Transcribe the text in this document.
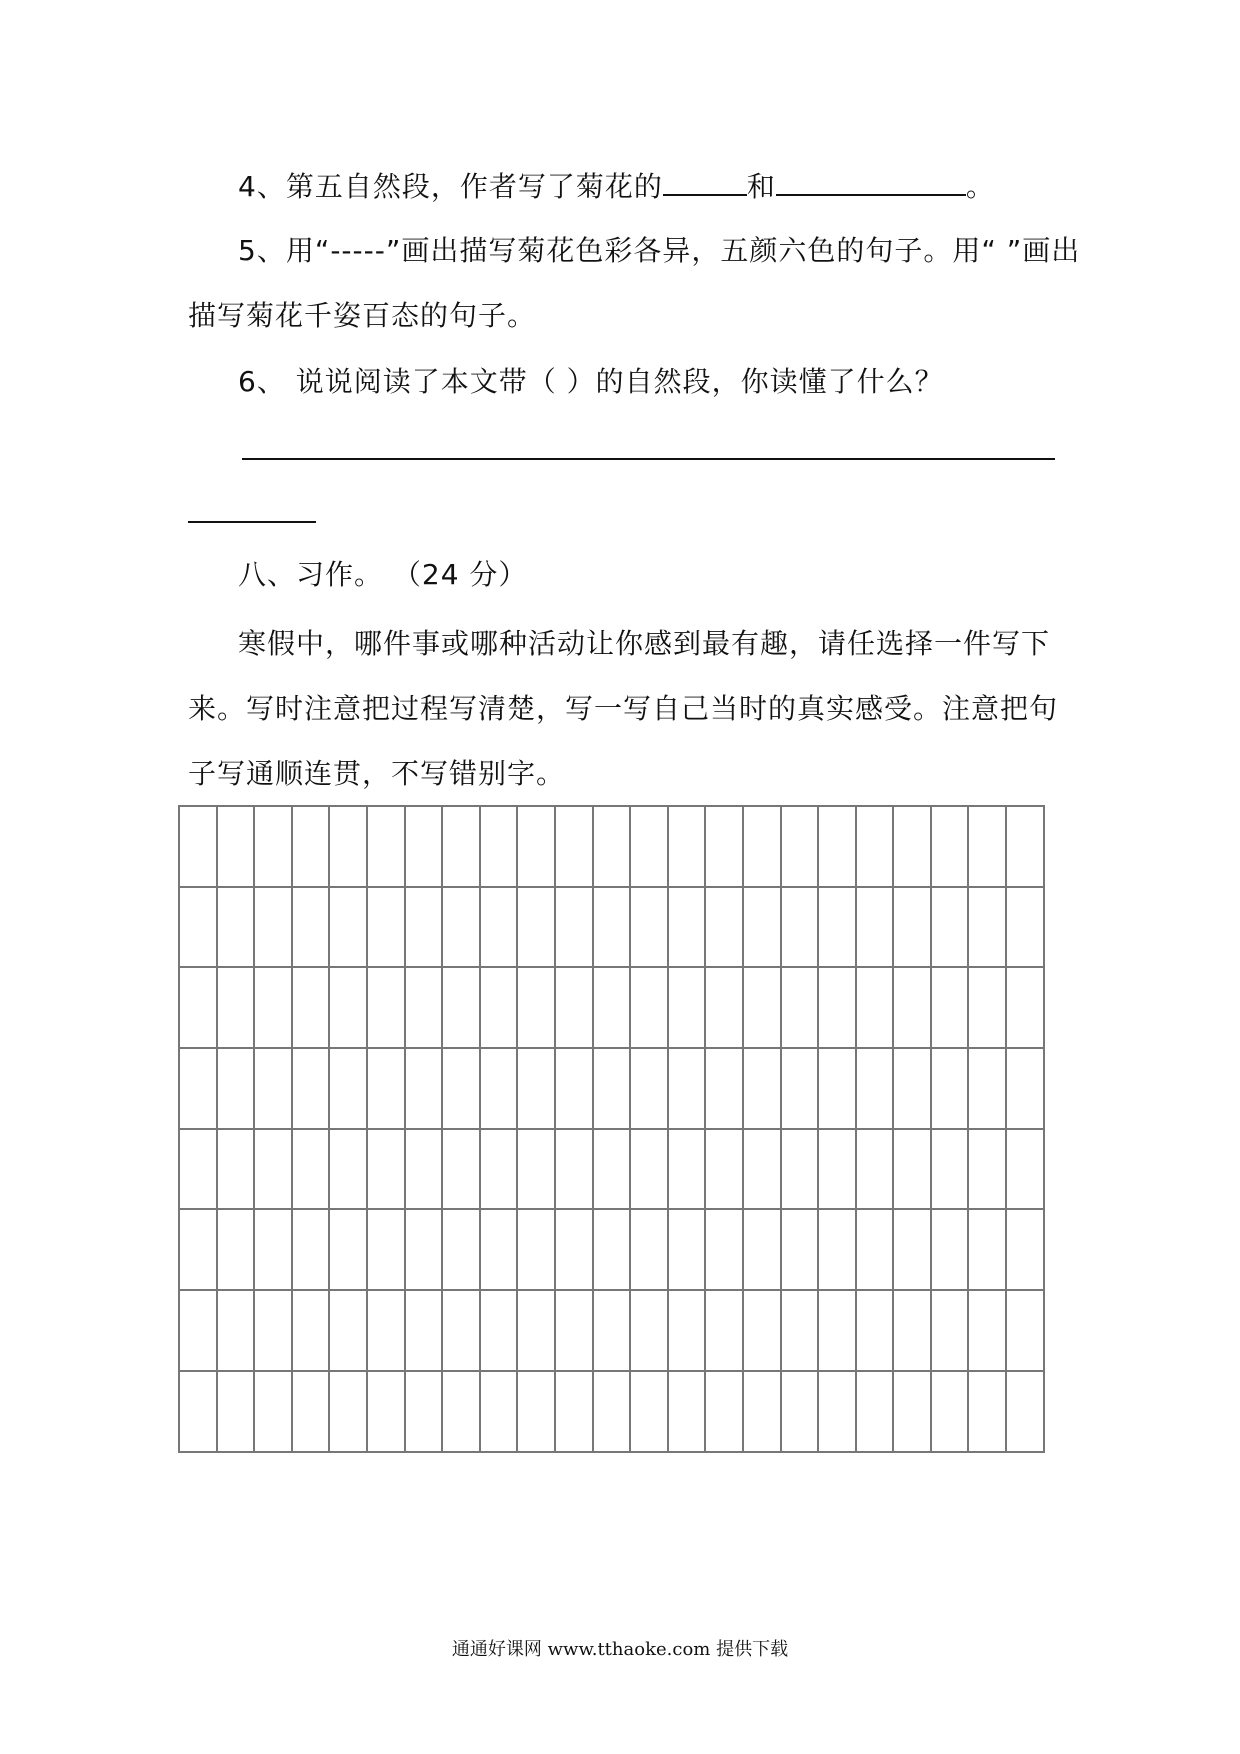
4、第五自然段，作者写了菊花的	和	。
5、用“-----”画出描写菊花色彩各异，五颜六色的句子。用“ ”画出
描写菊花千姿百态的句子。
6、 说说阅读了本文带（ ）的自然段，你读懂了什么？
八、习作。 （24 分）
寒假中，哪件事或哪种活动让你感到最有趣，请任选择一件写下
来。写时注意把过程写清楚，写一写自己当时的真实感受。注意把句
子写通顺连贯，不写错别字。
通通好课网 www.tthaoke.com 提供下载
